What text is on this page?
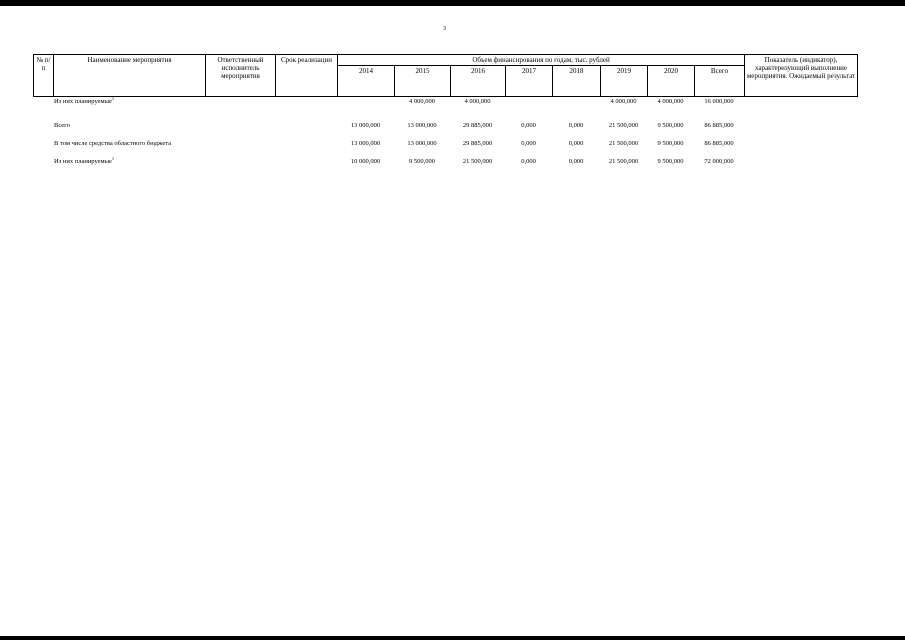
3
№ п/п	Наименование мероприятия	Ответственный исполнитель мероприятия	Срок реализации	Объем финансирования по годам, тыс. рублей								Показатель (индикатор), характеризующий выполнение мероприятия. Ожидаемый результат
				2014	2015	2016	2017	2018	2019	2020	Всего	
	Из них планируемые$^1$				4 000,000	4 000,000			4 000,000	4 000,000	16 000,000	

	Всего			13 000,000	13 000,000	29 885,000	0,000	0,000	21 500,000	9 500,000	86 885,000	
	В том числе средства областного бюджета			13 000,000	13 000,000	29 885,000	0,000	0,000	21 500,000	9 500,000	86 885,000	
	Из них планируемые$^1$			10 000,000	9 500,000	21 500,000	0,000	0,000	21 500,000	9 500,000	72 000,000	
